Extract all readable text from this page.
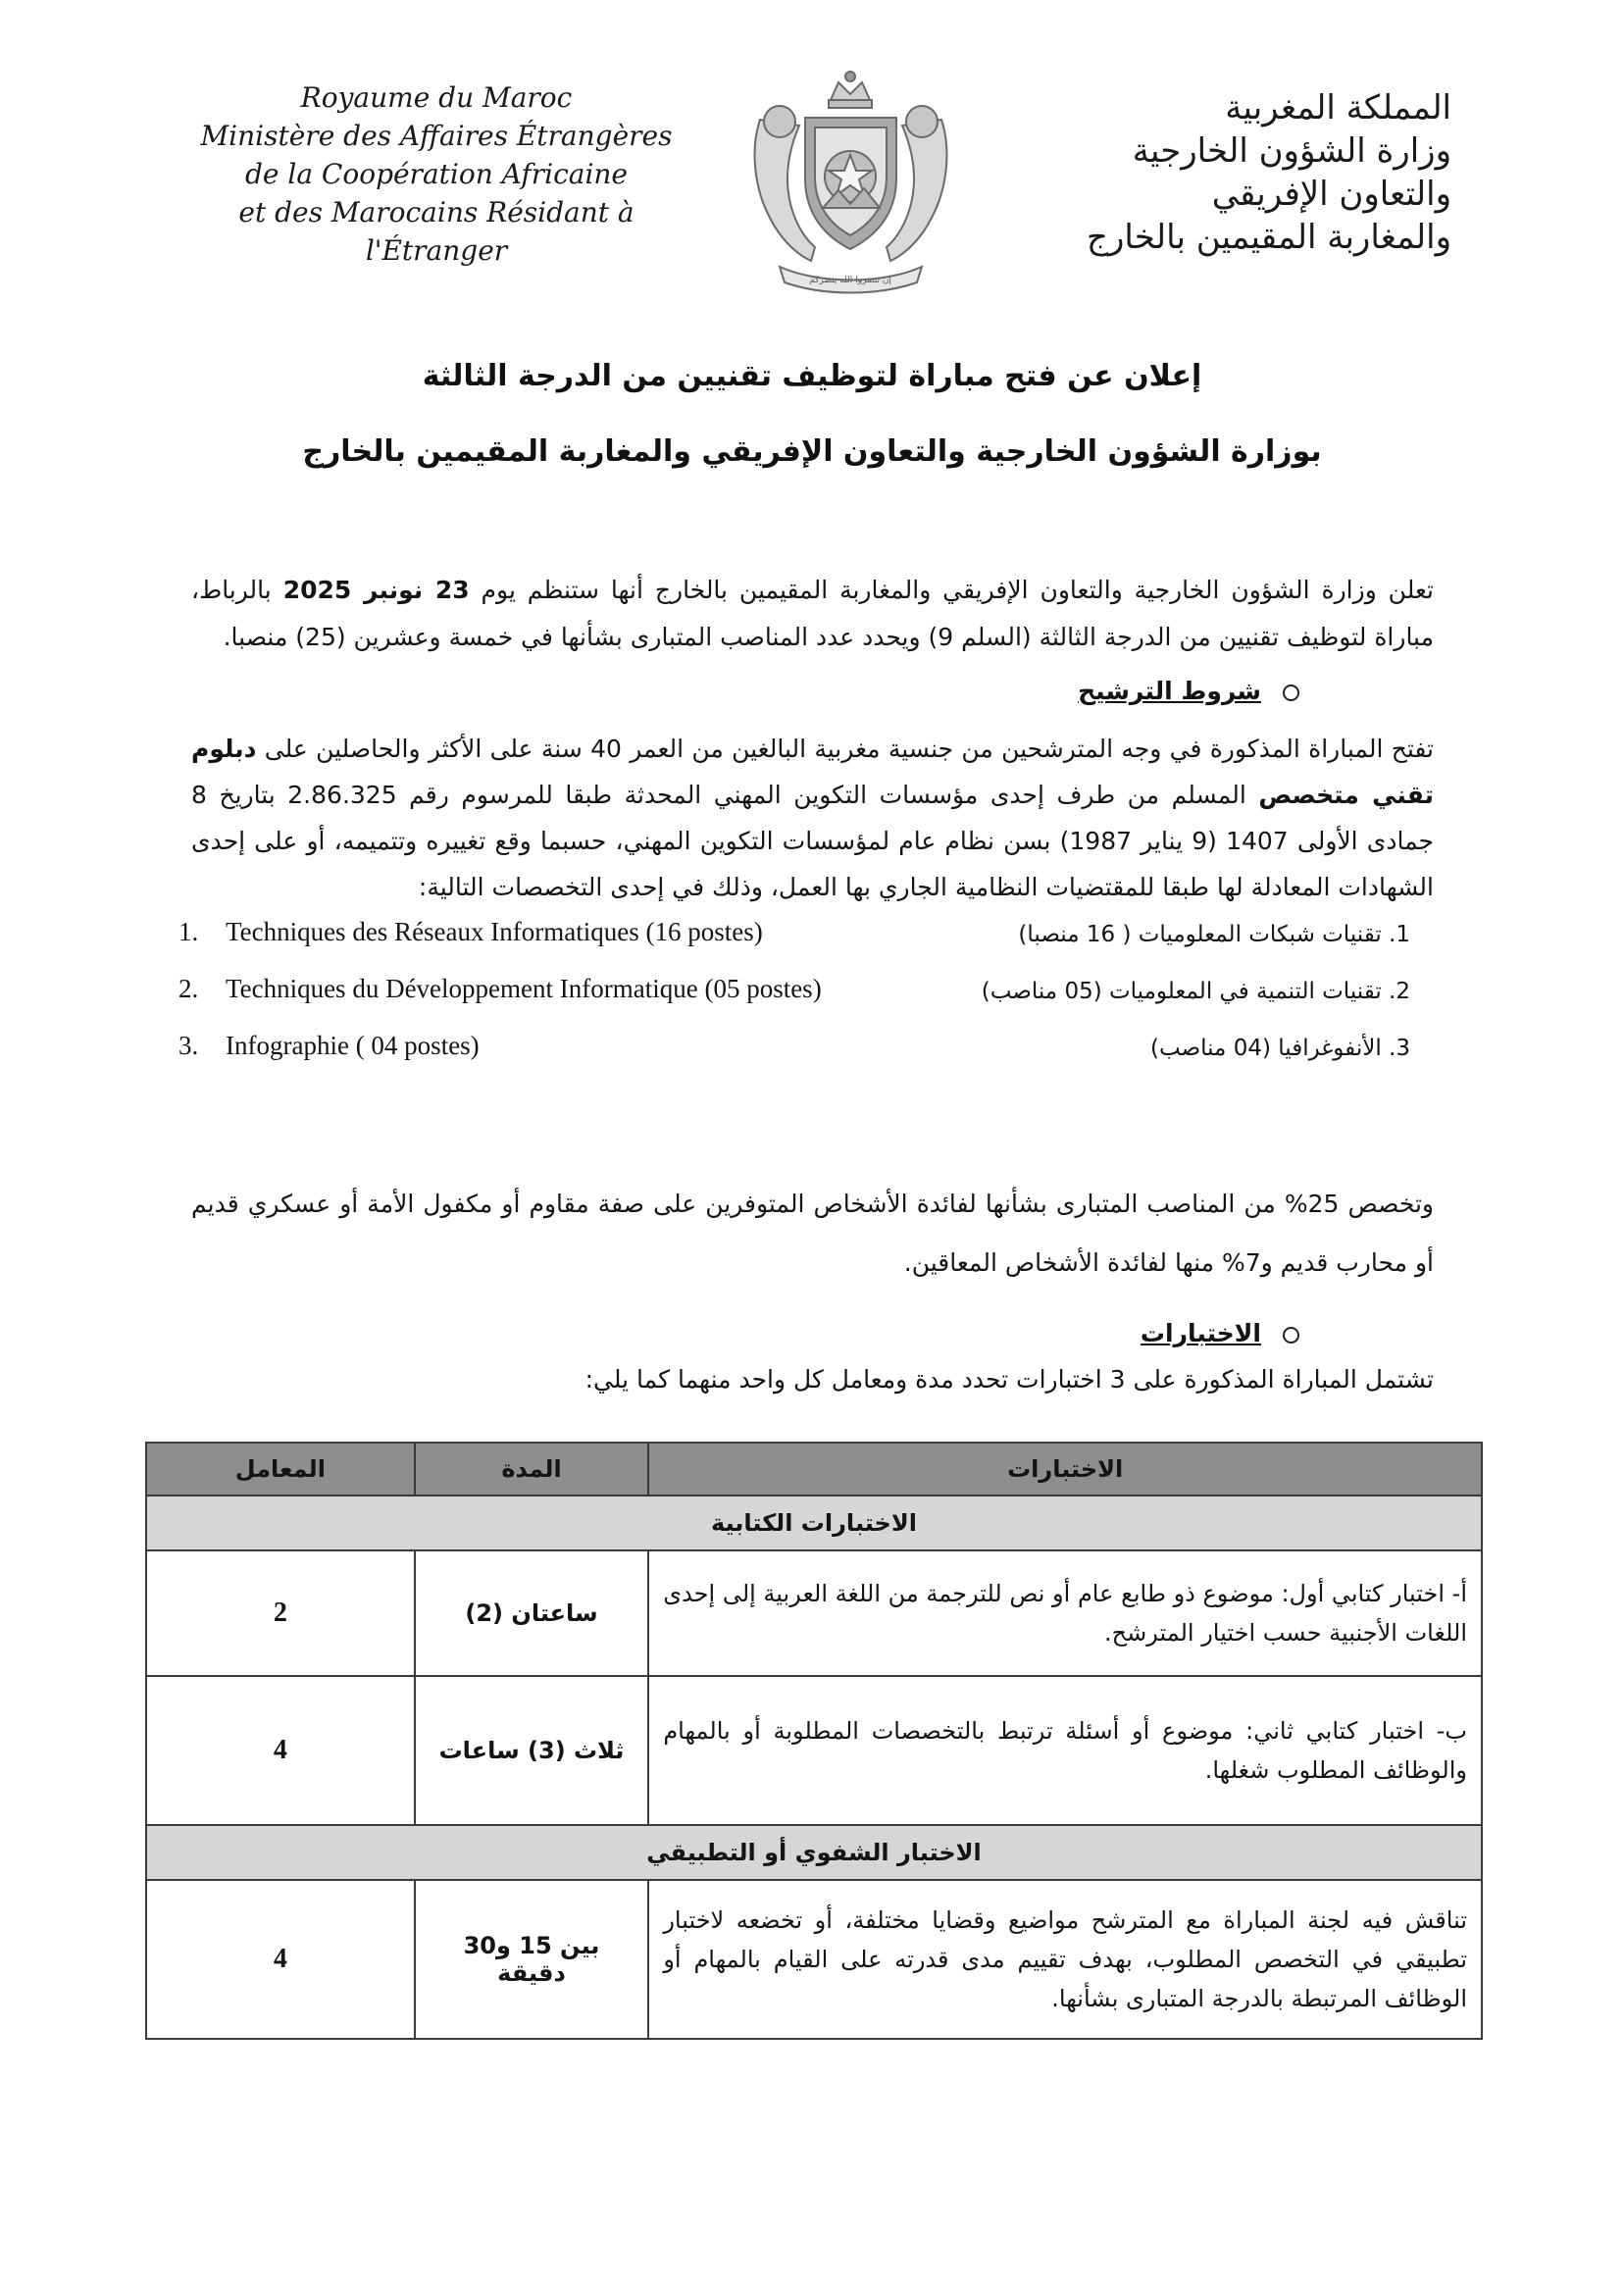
Royaume du Maroc
Ministère des Affaires Étrangères
de la Coopération Africaine
et des Marocains Résidant à l'Étranger
إن تنصروا الله ينصركم
المملكة المغربية
وزارة الشؤون الخارجية
والتعاون الإفريقي
والمغاربة المقيمين بالخارج
إعلان عن فتح مباراة لتوظيف تقنيين من الدرجة الثالثة
بوزارة الشؤون الخارجية والتعاون الإفريقي والمغاربة المقيمين بالخارج
تعلن وزارة الشؤون الخارجية والتعاون الإفريقي والمغاربة المقيمين بالخارج أنها ستنظم يوم 23 نونبر 2025 بالرباط، مباراة لتوظيف تقنيين من الدرجة الثالثة (السلم 9) ويحدد عدد المناصب المتبارى بشأنها في خمسة وعشرين (25) منصبا.
شروط الترشيح
تفتح المباراة المذكورة في وجه المترشحين من جنسية مغربية البالغين من العمر 40 سنة على الأكثر والحاصلين على دبلوم تقني متخصص المسلم من طرف إحدى مؤسسات التكوين المهني المحدثة طبقا للمرسوم رقم 2.86.325 بتاريخ 8 جمادى الأولى 1407 (9 يناير 1987) بسن نظام عام لمؤسسات التكوين المهني، حسبما وقع تغييره وتتميمه، أو على إحدى الشهادات المعادلة لها طبقا للمقتضيات النظامية الجاري بها العمل، وذلك في إحدى التخصصات التالية:
1.	Techniques des Réseaux Informatiques (16 postes)
2.	Techniques du Développement Informatique (05 postes)
3.	Infographie ( 04 postes)
1. تقنيات شبكات المعلوميات ( 16 منصبا)
2. تقنيات التنمية في المعلوميات (05 مناصب)
3. الأنفوغرافيا (04 مناصب)
وتخصص 25% من المناصب المتبارى بشأنها لفائدة الأشخاص المتوفرين على صفة مقاوم أو مكفول الأمة أو عسكري قديم أو محارب قديم و7% منها لفائدة الأشخاص المعاقين.
الاختبارات
تشتمل المباراة المذكورة على 3 اختبارات تحدد مدة ومعامل كل واحد منهما كما يلي:
الاختبارات	المدة	المعامل
الاختبارات الكتابية		
أ- اختبار كتابي أول: موضوع ذو طابع عام أو نص للترجمة من اللغة العربية إلى إحدى اللغات الأجنبية حسب اختيار المترشح.	ساعتان (2)	2
ب- اختبار كتابي ثاني: موضوع أو أسئلة ترتبط بالتخصصات المطلوبة أو بالمهام والوظائف المطلوب شغلها.	ثلاث (3) ساعات	4
الاختبار الشفوي أو التطبيقي		
تناقش فيه لجنة المباراة مع المترشح مواضيع وقضايا مختلفة، أو تخضعه لاختبار تطبيقي في التخصص المطلوب، بهدف تقييم مدى قدرته على القيام بالمهام أو الوظائف المرتبطة بالدرجة المتبارى بشأنها.	بين 15 و30 دقيقة	4
